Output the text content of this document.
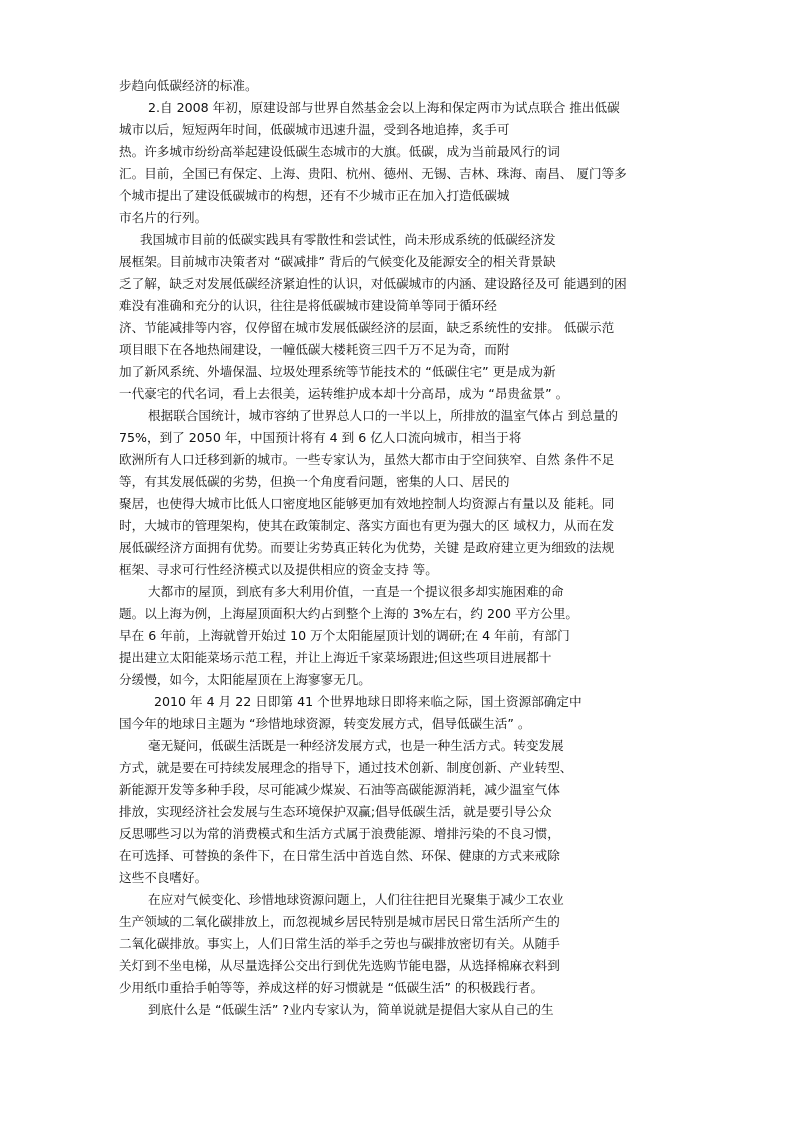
步趋向低碳经济的标准。
2.自 2008 年初，原建设部与世界自然基金会以上海和保定两市为试点联合 推出低碳
城市以后，短短两年时间，低碳城市迅速升温，受到各地追捧，炙手可
热。许多城市纷纷高举起建设低碳生态城市的大旗。低碳，成为当前最风行的词
汇。目前，全国已有保定、上海、贵阳、杭州、德州、无锡、吉林、珠海、南昌、 厦门等多
个城市提出了建设低碳城市的构想，还有不少城市正在加入打造低碳城
市名片的行列。
我国城市目前的低碳实践具有零散性和尝试性，尚未形成系统的低碳经济发
展框架。目前城市决策者对 “碳减排” 背后的气候变化及能源安全的相关背景缺
乏了解，缺乏对发展低碳经济紧迫性的认识，对低碳城市的内涵、建设路径及可 能遇到的困
难没有准确和充分的认识，往往是将低碳城市建设简单等同于循环经
济、节能减排等内容，仅停留在城市发展低碳经济的层面，缺乏系统性的安排。 低碳示范
项目眼下在各地热闹建设，一幢低碳大楼耗资三四千万不足为奇，而附
加了新风系统、外墙保温、垃圾处理系统等节能技术的 “低碳住宅” 更是成为新
一代豪宅的代名词，看上去很美，运转维护成本却十分高昂，成为 “昂贵盆景” 。
根据联合国统计，城市容纳了世界总人口的一半以上，所排放的温室气体占 到总量的
75%，到了 2050 年，中国预计将有 4 到 6 亿人口流向城市，相当于将
欧洲所有人口迁移到新的城市。一些专家认为，虽然大都市由于空间狭窄、自然 条件不足
等，有其发展低碳的劣势，但换一个角度看问题，密集的人口、居民的
聚居，也使得大城市比低人口密度地区能够更加有效地控制人均资源占有量以及 能耗。同
时，大城市的管理架构，使其在政策制定、落实方面也有更为强大的区 域权力，从而在发
展低碳经济方面拥有优势。而要让劣势真正转化为优势，关键 是政府建立更为细致的法规
框架、寻求可行性经济模式以及提供相应的资金支持 等。
大都市的屋顶，到底有多大利用价值，一直是一个提议很多却实施困难的命
题。以上海为例，上海屋顶面积大约占到整个上海的 3%左右，约 200 平方公里。
早在 6 年前，上海就曾开始过 10 万个太阳能屋顶计划的调研;在 4 年前，有部门
提出建立太阳能菜场示范工程，并让上海近千家菜场跟进;但这些项目进展都十
分缓慢，如今，太阳能屋顶在上海寥寥无几。
2010 年 4 月 22 日即第 41 个世界地球日即将来临之际，国土资源部确定中
国今年的地球日主题为 “珍惜地球资源，转变发展方式，倡导低碳生活” 。
毫无疑问，低碳生活既是一种经济发展方式，也是一种生活方式。转变发展
方式，就是要在可持续发展理念的指导下，通过技术创新、制度创新、产业转型、
新能源开发等多种手段，尽可能减少煤炭、石油等高碳能源消耗，减少温室气体
排放，实现经济社会发展与生态环境保护双赢;倡导低碳生活，就是要引导公众
反思哪些习以为常的消费模式和生活方式属于浪费能源、增排污染的不良习惯，
在可选择、可替换的条件下，在日常生活中首选自然、环保、健康的方式来戒除
这些不良嗜好。
在应对气候变化、珍惜地球资源问题上，人们往往把目光聚集于减少工农业
生产领域的二氧化碳排放上，而忽视城乡居民特别是城市居民日常生活所产生的
二氧化碳排放。事实上，人们日常生活的举手之劳也与碳排放密切有关。从随手
关灯到不坐电梯，从尽量选择公交出行到优先选购节能电器，从选择棉麻衣料到
少用纸巾重拾手帕等等，养成这样的好习惯就是 “低碳生活” 的积极践行者。
到底什么是 “低碳生活” ?业内专家认为，简单说就是提倡大家从自己的生
